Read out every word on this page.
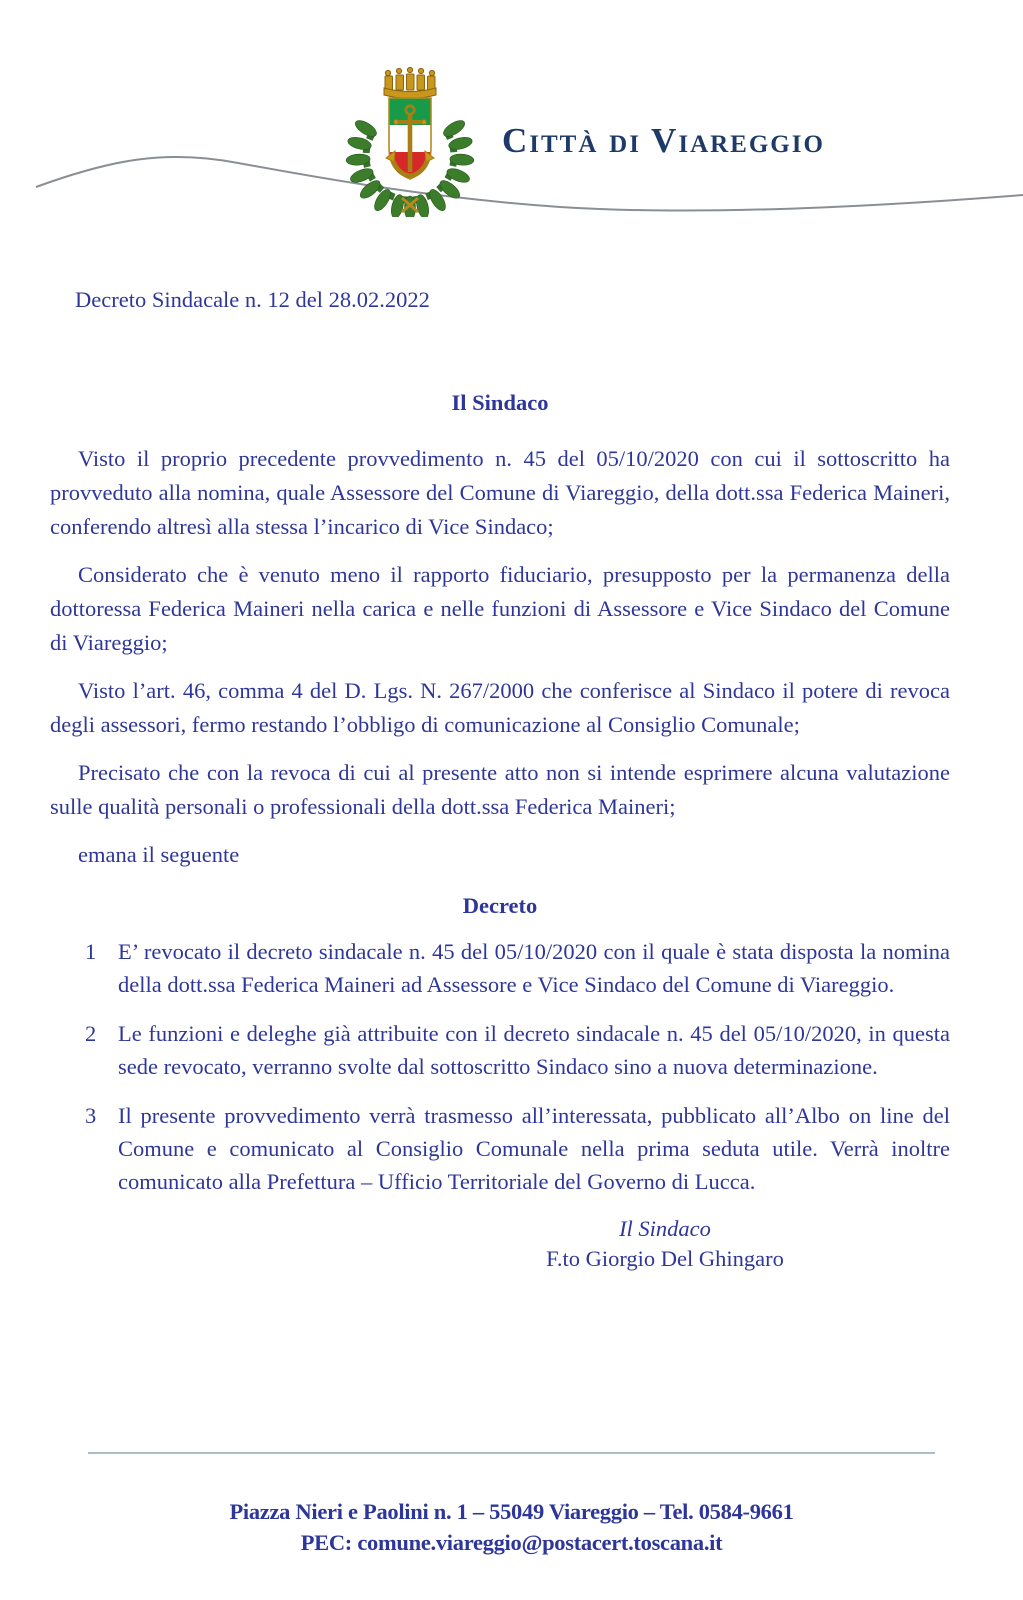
Città di Viareggio
Decreto Sindacale n. 12 del 28.02.2022
Il Sindaco

Visto il proprio precedente provvedimento n. 45 del 05/10/2020 con cui il sottoscritto ha provveduto alla nomina, quale Assessore del Comune di Viareggio, della dott.ssa Federica Maineri, conferendo altresì alla stessa l’incarico di Vice Sindaco;

Considerato che è venuto meno il rapporto fiduciario, presupposto per la permanenza della dottoressa Federica Maineri nella carica e nelle funzioni di Assessore e Vice Sindaco del Comune di Viareggio;

Visto l’art. 46, comma 4 del D. Lgs. N. 267/2000 che conferisce al Sindaco il potere di revoca degli assessori, fermo restando l’obbligo di comunicazione al Consiglio Comunale;

Precisato che con la revoca di cui al presente atto non si intende esprimere alcuna valutazione sulle qualità personali o professionali della dott.ssa Federica Maineri;

emana il seguente

Decreto
1 E’ revocato il decreto sindacale n. 45 del 05/10/2020 con il quale è stata disposta la nomina della dott.ssa Federica Maineri ad Assessore e Vice Sindaco del Comune di Viareggio.
2 Le funzioni e deleghe già attribuite con il decreto sindacale n. 45 del 05/10/2020, in questa sede revocato, verranno svolte dal sottoscritto Sindaco sino a nuova determinazione.
3 Il presente provvedimento verrà trasmesso all’interessata, pubblicato all’Albo on line del Comune e comunicato al Consiglio Comunale nella prima seduta utile. Verrà inoltre comunicato alla Prefettura – Ufficio Territoriale del Governo di Lucca.
Il Sindaco
F.to Giorgio Del Ghingaro
Piazza Nieri e Paolini n. 1 – 55049 Viareggio – Tel. 0584-9661
PEC: comune.viareggio@postacert.toscana.it
